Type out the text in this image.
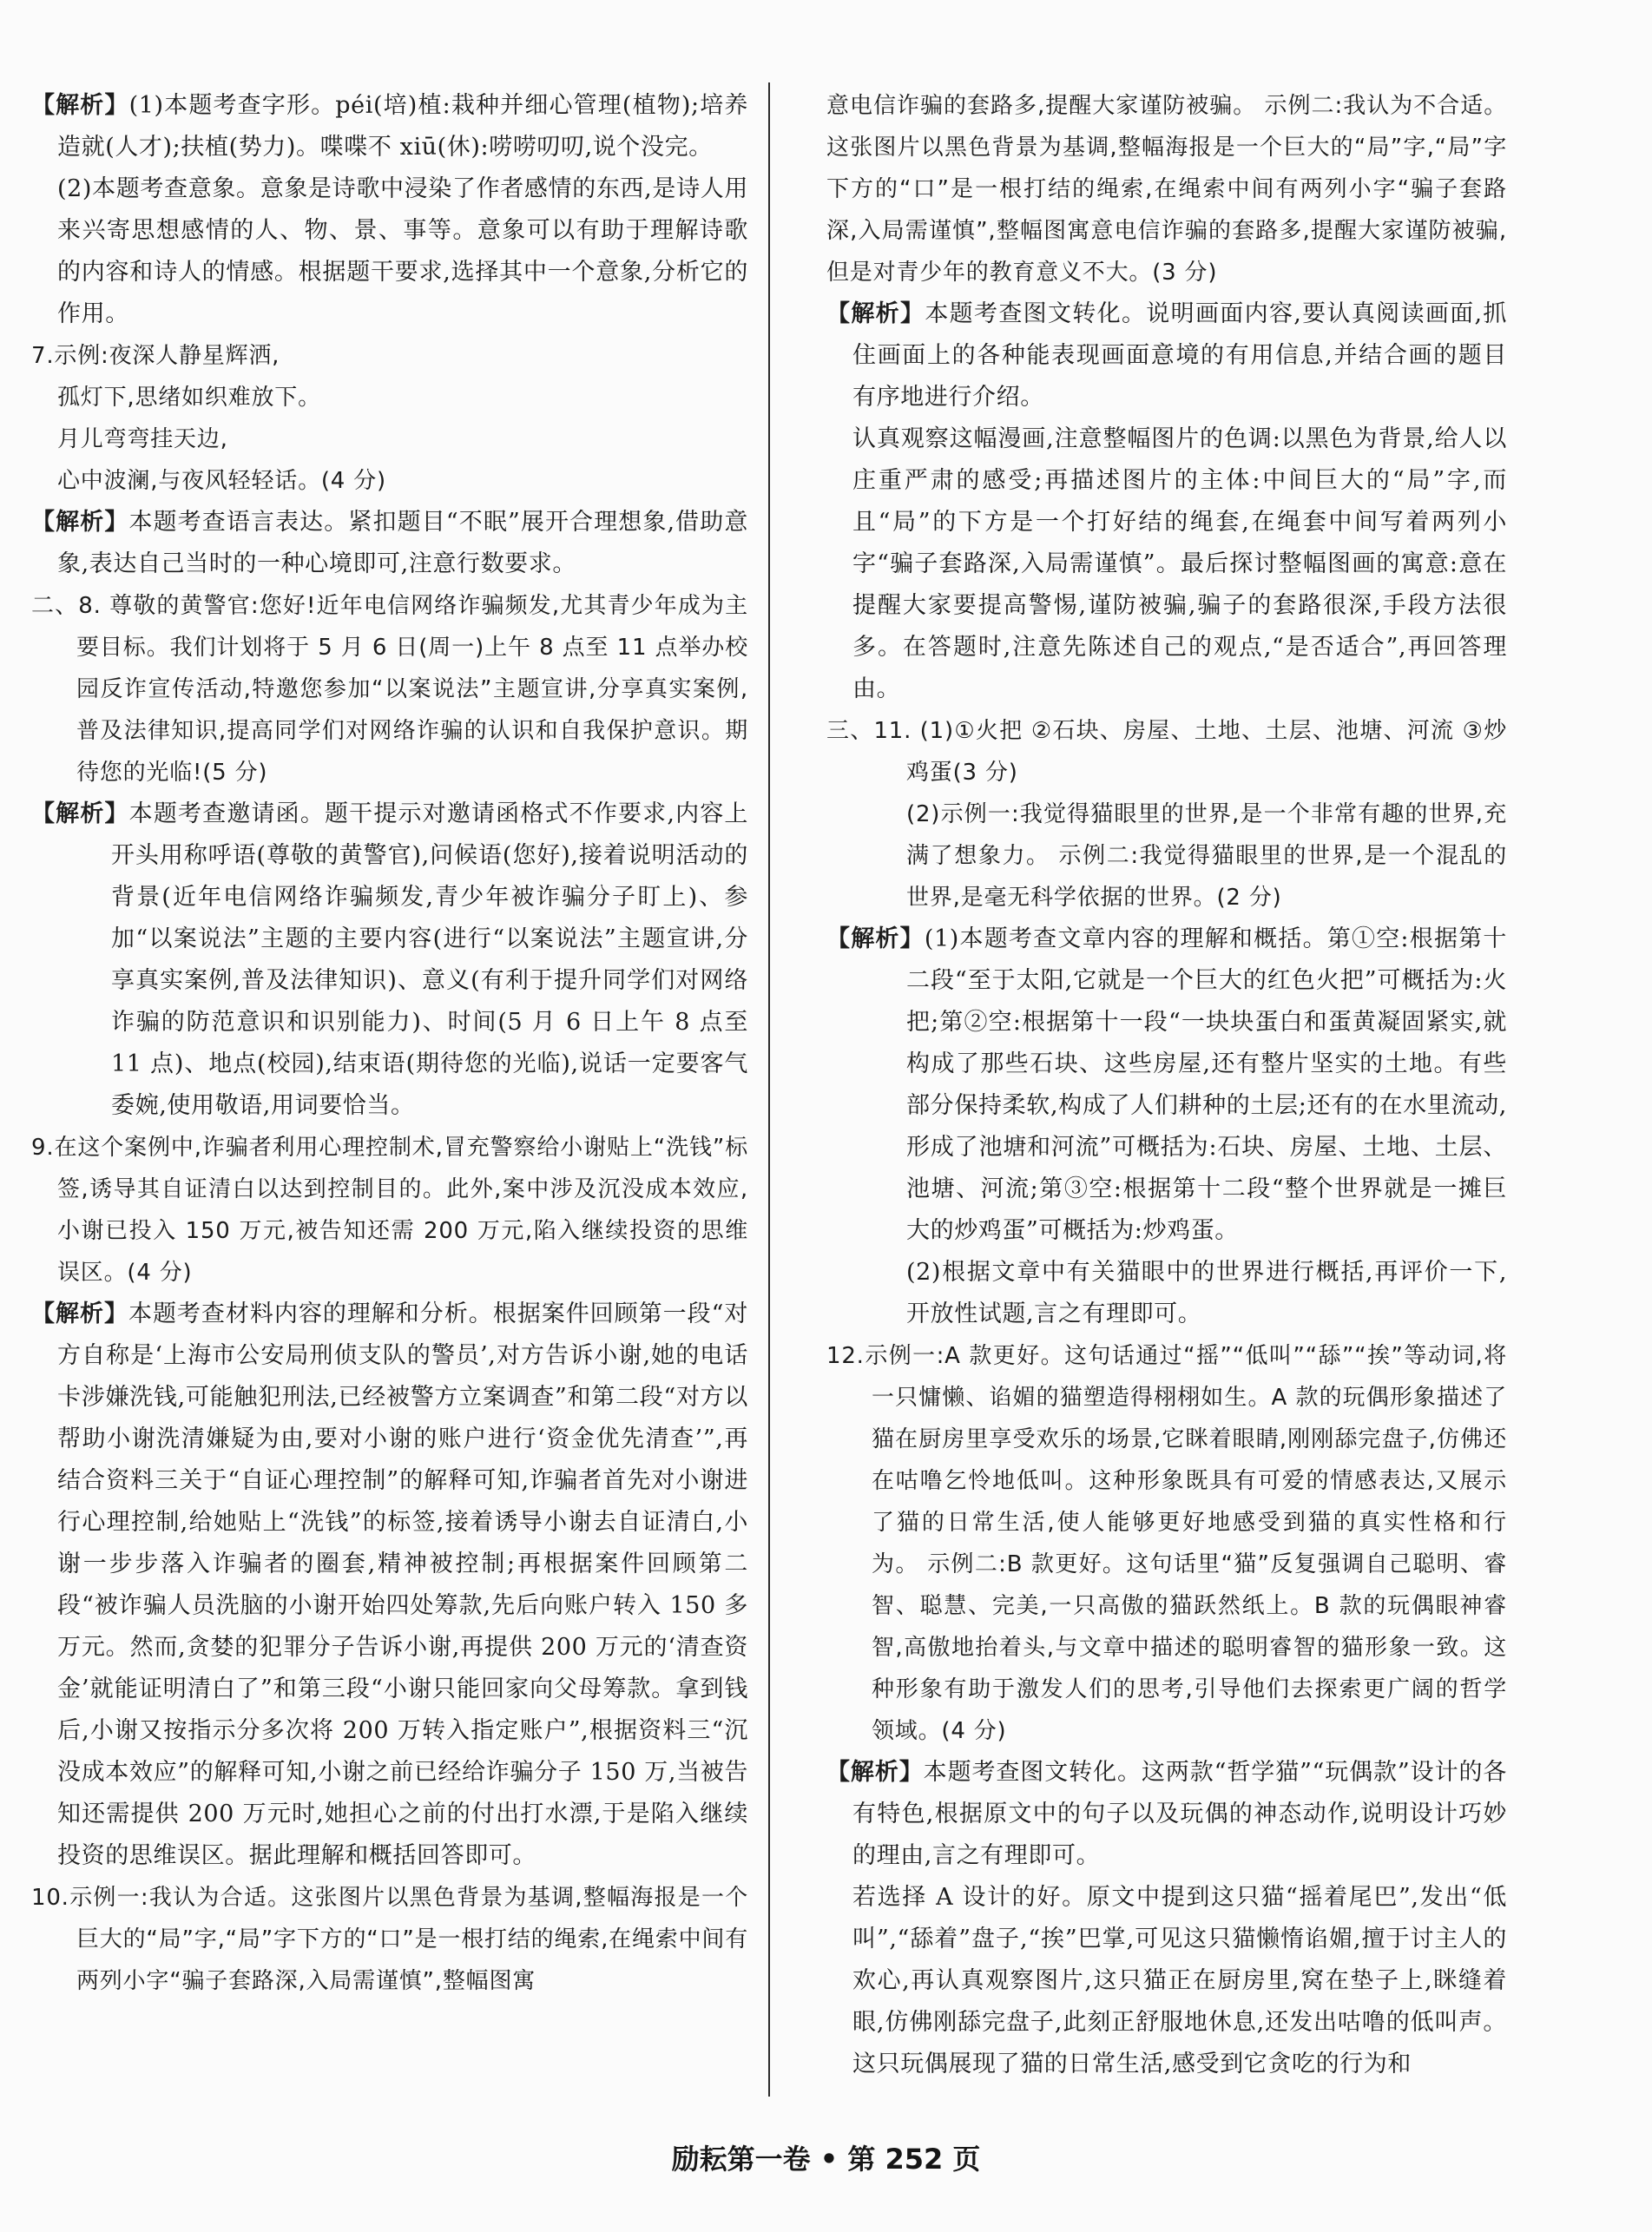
【解析】(1)本题考查字形。péi(培)植:栽种并细心管理(植物);培养造就(人才);扶植(势力)。喋喋不 xiū(休):唠唠叨叨,说个没完。

(2)本题考查意象。意象是诗歌中浸染了作者感情的东西,是诗人用来兴寄思想感情的人、物、景、事等。意象可以有助于理解诗歌的内容和诗人的情感。根据题干要求,选择其中一个意象,分析它的作用。

7.示例:夜深人静星辉洒,

孤灯下,思绪如织难放下。

月儿弯弯挂天边,

心中波澜,与夜风轻轻话。(4 分)

【解析】本题考查语言表达。紧扣题目“不眠”展开合理想象,借助意象,表达自己当时的一种心境即可,注意行数要求。

二、8. 尊敬的黄警官:您好!近年电信网络诈骗频发,尤其青少年成为主要目标。我们计划将于 5 月 6 日(周一)上午 8 点至 11 点举办校园反诈宣传活动,特邀您参加“以案说法”主题宣讲,分享真实案例,普及法律知识,提高同学们对网络诈骗的认识和自我保护意识。期待您的光临!(5 分)

【解析】本题考查邀请函。题干提示对邀请函格式不作要求,内容上开头用称呼语(尊敬的黄警官),问候语(您好),接着说明活动的背景(近年电信网络诈骗频发,青少年被诈骗分子盯上)、参加“以案说法”主题的主要内容(进行“以案说法”主题宣讲,分享真实案例,普及法律知识)、意义(有利于提升同学们对网络诈骗的防范意识和识别能力)、时间(5 月 6 日上午 8 点至 11 点)、地点(校园),结束语(期待您的光临),说话一定要客气委婉,使用敬语,用词要恰当。

9.在这个案例中,诈骗者利用心理控制术,冒充警察给小谢贴上“洗钱”标签,诱导其自证清白以达到控制目的。此外,案中涉及沉没成本效应,小谢已投入 150 万元,被告知还需 200 万元,陷入继续投资的思维误区。(4 分)

【解析】本题考查材料内容的理解和分析。根据案件回顾第一段“对方自称是‘上海市公安局刑侦支队的警员’,对方告诉小谢,她的电话卡涉嫌洗钱,可能触犯刑法,已经被警方立案调查”和第二段“对方以帮助小谢洗清嫌疑为由,要对小谢的账户进行‘资金优先清查’”,再结合资料三关于“自证心理控制”的解释可知,诈骗者首先对小谢进行心理控制,给她贴上“洗钱”的标签,接着诱导小谢去自证清白,小谢一步步落入诈骗者的圈套,精神被控制;再根据案件回顾第二段“被诈骗人员洗脑的小谢开始四处筹款,先后向账户转入 150 多万元。然而,贪婪的犯罪分子告诉小谢,再提供 200 万元的‘清查资金’就能证明清白了”和第三段“小谢只能回家向父母筹款。拿到钱后,小谢又按指示分多次将 200 万转入指定账户”,根据资料三“沉没成本效应”的解释可知,小谢之前已经给诈骗分子 150 万,当被告知还需提供 200 万元时,她担心之前的付出打水漂,于是陷入继续投资的思维误区。据此理解和概括回答即可。

10.示例一:我认为合适。这张图片以黑色背景为基调,整幅海报是一个巨大的“局”字,“局”字下方的“口”是一根打结的绳索,在绳索中间有两列小字“骗子套路深,入局需谨慎”,整幅图寓

意电信诈骗的套路多,提醒大家谨防被骗。 示例二:我认为不合适。这张图片以黑色背景为基调,整幅海报是一个巨大的“局”字,“局”字下方的“口”是一根打结的绳索,在绳索中间有两列小字“骗子套路深,入局需谨慎”,整幅图寓意电信诈骗的套路多,提醒大家谨防被骗,但是对青少年的教育意义不大。(3 分)

【解析】本题考查图文转化。说明画面内容,要认真阅读画面,抓住画面上的各种能表现画面意境的有用信息,并结合画的题目有序地进行介绍。

认真观察这幅漫画,注意整幅图片的色调:以黑色为背景,给人以庄重严肃的感受;再描述图片的主体:中间巨大的“局”字,而且“局”的下方是一个打好结的绳套,在绳套中间写着两列小字“骗子套路深,入局需谨慎”。最后探讨整幅图画的寓意:意在提醒大家要提高警惕,谨防被骗,骗子的套路很深,手段方法很多。在答题时,注意先陈述自己的观点,“是否适合”,再回答理由。

三、11. (1)①火把 ②石块、房屋、土地、土层、池塘、河流 ③炒鸡蛋(3 分)

(2)示例一:我觉得猫眼里的世界,是一个非常有趣的世界,充满了想象力。 示例二:我觉得猫眼里的世界,是一个混乱的世界,是毫无科学依据的世界。(2 分)

【解析】(1)本题考查文章内容的理解和概括。第①空:根据第十二段“至于太阳,它就是一个巨大的红色火把”可概括为:火把;第②空:根据第十一段“一块块蛋白和蛋黄凝固紧实,就构成了那些石块、这些房屋,还有整片坚实的土地。有些部分保持柔软,构成了人们耕种的土层;还有的在水里流动,形成了池塘和河流”可概括为:石块、房屋、土地、土层、池塘、河流;第③空:根据第十二段“整个世界就是一摊巨大的炒鸡蛋”可概括为:炒鸡蛋。

(2)根据文章中有关猫眼中的世界进行概括,再评价一下,开放性试题,言之有理即可。

12.示例一:A 款更好。这句话通过“摇”“低叫”“舔”“挨”等动词,将一只慵懒、谄媚的猫塑造得栩栩如生。A 款的玩偶形象描述了猫在厨房里享受欢乐的场景,它眯着眼睛,刚刚舔完盘子,仿佛还在咕噜乞怜地低叫。这种形象既具有可爱的情感表达,又展示了猫的日常生活,使人能够更好地感受到猫的真实性格和行为。 示例二:B 款更好。这句话里“猫”反复强调自己聪明、睿智、聪慧、完美,一只高傲的猫跃然纸上。B 款的玩偶眼神睿智,高傲地抬着头,与文章中描述的聪明睿智的猫形象一致。这种形象有助于激发人们的思考,引导他们去探索更广阔的哲学领域。(4 分)

【解析】本题考查图文转化。这两款“哲学猫”“玩偶款”设计的各有特色,根据原文中的句子以及玩偶的神态动作,说明设计巧妙的理由,言之有理即可。

若选择 A 设计的好。原文中提到这只猫“摇着尾巴”,发出“低叫”,“舔着”盘子,“挨”巴掌,可见这只猫懒惰谄媚,擅于讨主人的欢心,再认真观察图片,这只猫正在厨房里,窝在垫子上,眯缝着眼,仿佛刚舔完盘子,此刻正舒服地休息,还发出咕噜的低叫声。这只玩偶展现了猫的日常生活,感受到它贪吃的行为和

励耘第一卷 • 第 252 页
